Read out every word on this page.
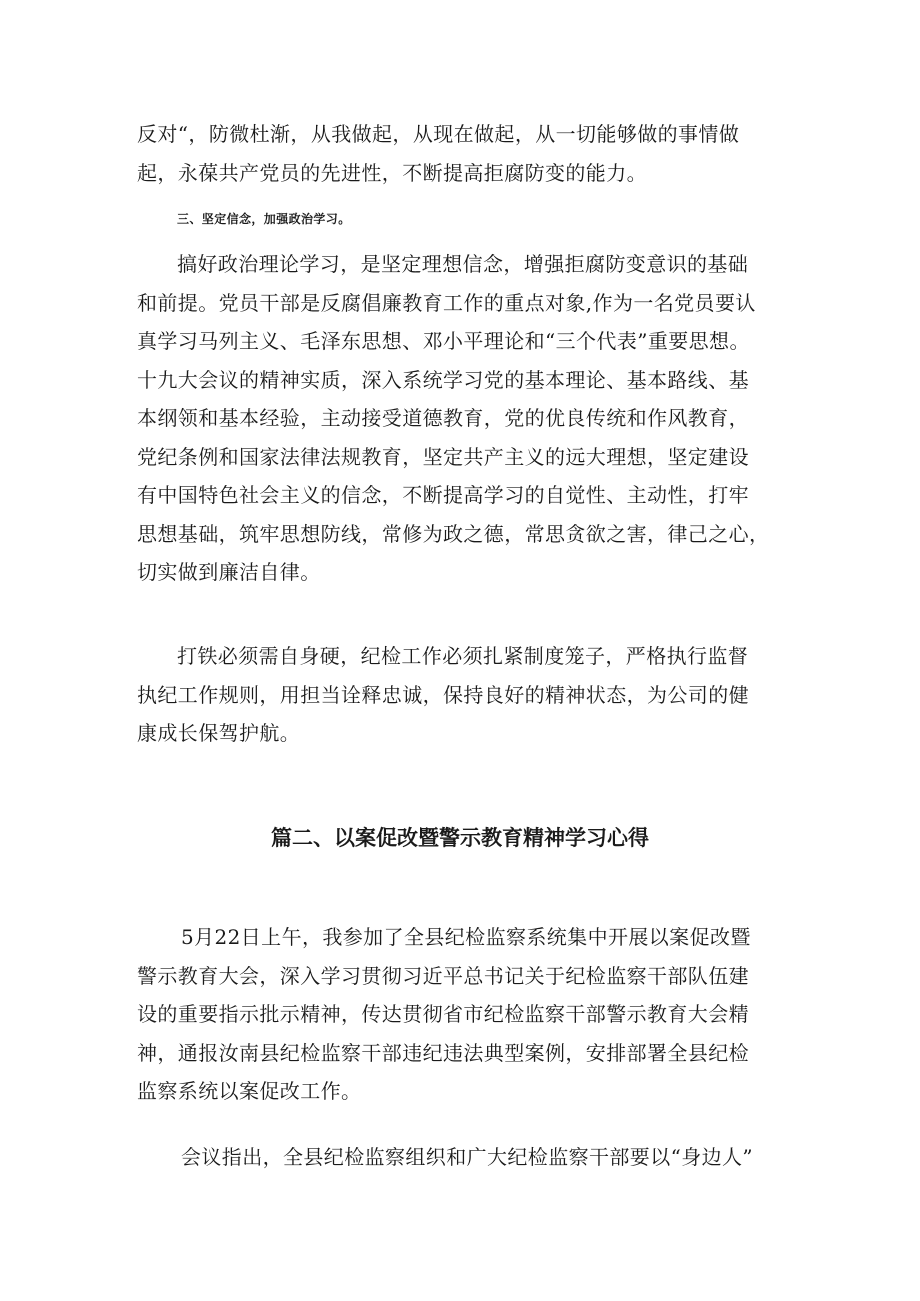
反对“，防微杜渐，从我做起，从现在做起，从一切能够做的事情做
起，永葆共产党员的先进性，不断提高拒腐防变的能力。
三、坚定信念，加强政治学习。
搞好政治理论学习，是坚定理想信念，增强拒腐防变意识的基础
和前提。党员干部是反腐倡廉教育工作的重点对象,作为一名党员要认
真学习马列主义、毛泽东思想、邓小平理论和“三个代表”重要思想。
十九大会议的精神实质，深入系统学习党的基本理论、基本路线、基
本纲领和基本经验，主动接受道德教育，党的优良传统和作风教育，
党纪条例和国家法律法规教育，坚定共产主义的远大理想，坚定建设
有中国特色社会主义的信念，不断提高学习的自觉性、主动性，打牢
思想基础，筑牢思想防线，常修为政之德，常思贪欲之害，律己之心，
切实做到廉洁自律。
打铁必须需自身硬，纪检工作必须扎紧制度笼子，严格执行监督
执纪工作规则，用担当诠释忠诚，保持良好的精神状态，为公司的健
康成长保驾护航。
篇二、以案促改暨警示教育精神学习心得
5月22日上午，我参加了全县纪检监察系统集中开展以案促改暨
警示教育大会，深入学习贯彻习近平总书记关于纪检监察干部队伍建
设的重要指示批示精神，传达贯彻省市纪检监察干部警示教育大会精
神，通报汝南县纪检监察干部违纪违法典型案例，安排部署全县纪检
监察系统以案促改工作。
会议指出，全县纪检监察组织和广大纪检监察干部要以“身边人”
